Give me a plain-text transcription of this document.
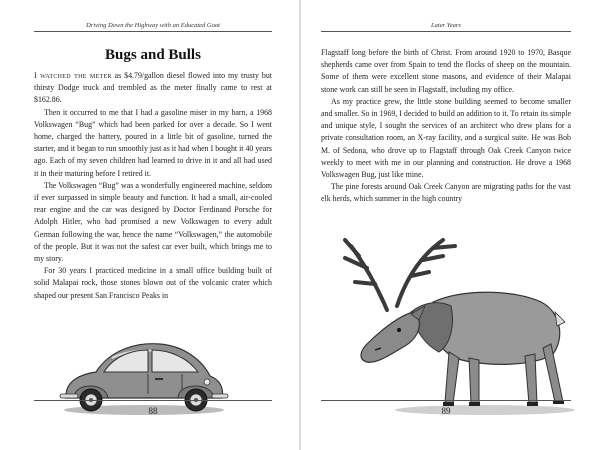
Driving Down the Highway with an Educated Goat
Bugs and Bulls

I watched the meter as $4.79/gallon diesel flowed into my trusty but thirsty Dodge truck and trembled as the meter finally came to rest at $162.86.

Then it occurred to me that I had a gasoline miser in my barn, a 1968 Volkswagen “Bug” which had been parked for over a decade. So I went home, charged the battery, poured in a little bit of gasoline, turned the starter, and it began to run smoothly just as it had when I bought it 40 years ago. Each of my seven children had learned to drive in it and all had used it in their maturing before I retired it.

The Volkswagen “Bug” was a wonderfully engineered machine, seldom if ever surpassed in simple beauty and function. It had a small, air-cooled rear engine and the car was designed by Doctor Ferdinand Porsche for Adolph Hitler, who had promised a new Volkswagen to every adult German following the war, hence the name “Volkswagen,” the automobile of the people. But it was not the safest car ever built, which brings me to my story.

For 30 years I practiced medicine in a small office building built of solid Malapai rock, those stones blown out of the volcanic crater which shaped our present San Francisco Peaks in

88
Later Years

Flagstaff long before the birth of Christ. From around 1920 to 1970, Basque shepherds came over from Spain to tend the flocks of sheep on the mountain. Some of them were excellent stone masons, and evidence of their Malapai stone work can still be seen in Flagstaff, including my office.

As my practice grew, the little stone building seemed to become smaller and smaller. So in 1969, I decided to build an addition to it. To retain its simple and unique style, I sought the services of an architect who drew plans for a private consultation room, an X-ray facility, and a surgical suite. He was Bob M. of Sedona, who drove up to Flagstaff through Oak Creek Canyon twice weekly to meet with me in our planning and construction. He drove a 1968 Volkswagen Bug, just like mine.

The pine forests around Oak Creek Canyon are migrating paths for the vast elk herds, which summer in the high country

89
